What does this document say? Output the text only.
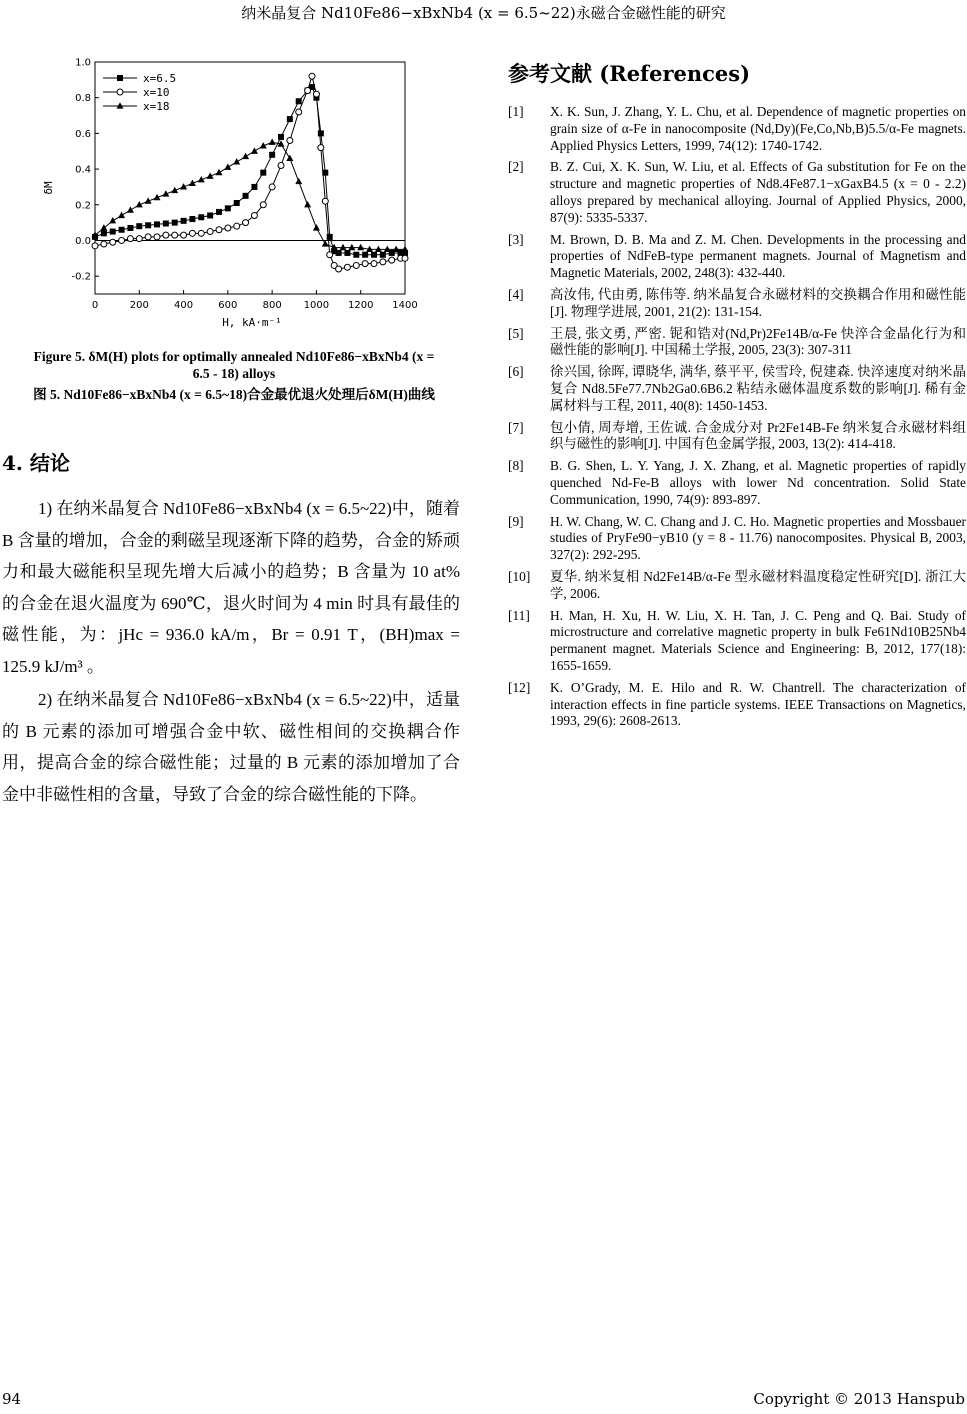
纳米晶复合 Nd10Fe86−xBxNb4 (x = 6.5~22)永磁合金磁性能的研究
0	200	400	600	800 1000 1200 1400
-0.2
0.0
0.2
0.4
0.6
0.8
1.0
x=6.5
x=10
x=18
δM
H, kA·m⁻¹
Figure 5. δM(H) plots for optimally annealed Nd10Fe86−xBxNb4 (x =
6.5 - 18) alloys
图 5. Nd10Fe86−xBxNb4 (x = 6.5~18)合金最优退火处理后δM(H)曲线
4. 结论
1) 在纳米晶复合 Nd10Fe86−xBxNb4 (x = 6.5~22)中，随着 B 含量的增加，合金的剩磁呈现逐渐下降的趋势，合金的矫顽力和最大磁能积呈现先增大后减小的趋势；B 含量为 10 at%的合金在退火温度为 690℃，退火时间为 4 min 时具有最佳的磁性能，为：jHc = 936.0 kA/m，Br = 0.91 T，(BH)max = 125.9 kJ/m³ 。
2) 在纳米晶复合 Nd10Fe86−xBxNb4 (x = 6.5~22)中，适量的 B 元素的添加可增强合金中软、磁性相间的交换耦合作用，提高合金的综合磁性能；过量的 B 元素的添加增加了合金中非磁性相的含量，导致了合金的综合磁性能的下降。
参考文献 (References)
[1]	X. K. Sun, J. Zhang, Y. L. Chu, et al. Dependence of magnetic properties on grain size of α-Fe in nanocomposite (Nd,Dy)(Fe,Co,Nb,B)5.5/α-Fe magnets. Applied Physics Letters, 1999, 74(12): 1740-1742.
[2]	B. Z. Cui, X. K. Sun, W. Liu, et al. Effects of Ga substitution for Fe on the structure and magnetic properties of Nd8.4Fe87.1−xGaxB4.5 (x = 0 - 2.2) alloys prepared by mechanical alloying. Journal of Applied Physics, 2000, 87(9): 5335-5337.
[3]	M. Brown, D. B. Ma and Z. M. Chen. Developments in the processing and properties of NdFeB-type permanent magnets. Journal of Magnetism and Magnetic Materials, 2002, 248(3): 432-440.
[4]	高汝伟, 代由勇, 陈伟等. 纳米晶复合永磁材料的交换耦合作用和磁性能[J]. 物理学进展, 2001, 21(2): 131-154.
[5]	王晨, 张文勇, 严密. 铌和锆对(Nd,Pr)2Fe14B/α-Fe 快淬合金晶化行为和磁性能的影响[J]. 中国稀土学报, 2005, 23(3): 307-311
[6]	徐兴国, 徐晖, 谭晓华, 满华, 蔡平平, 侯雪玲, 倪建森. 快淬速度对纳米晶复合 Nd8.5Fe77.7Nb2Ga0.6B6.2 粘结永磁体温度系数的影响[J]. 稀有金属材料与工程, 2011, 40(8): 1450-1453.
[7]	包小倩, 周寿增, 王佐诚. 合金成分对 Pr2Fe14B-Fe 纳米复合永磁材料组织与磁性的影响[J]. 中国有色金属学报, 2003, 13(2): 414-418.
[8]	B. G. Shen, L. Y. Yang, J. X. Zhang, et al. Magnetic properties of rapidly quenched Nd-Fe-B alloys with lower Nd concentration. Solid State Communication, 1990, 74(9): 893-897.
[9]	H. W. Chang, W. C. Chang and J. C. Ho. Magnetic properties and Mossbauer studies of PryFe90−yB10 (y = 8 - 11.76) nanocomposites. Physical B, 2003, 327(2): 292-295.
[10]	夏华. 纳米复相 Nd2Fe14B/α-Fe 型永磁材料温度稳定性研究[D]. 浙江大学, 2006.
[11]	H. Man, H. Xu, H. W. Liu, X. H. Tan, J. C. Peng and Q. Bai. Study of microstructure and correlative magnetic property in bulk Fe61Nd10B25Nb4 permanent magnet. Materials Science and Engineering: B, 2012, 177(18): 1655-1659.
[12]	K. O’Grady, M. E. Hilo and R. W. Chantrell. The characterization of interaction effects in fine particle systems. IEEE Transactions on Magnetics, 1993, 29(6): 2608-2613.
94	Copyright © 2013 Hanspub
